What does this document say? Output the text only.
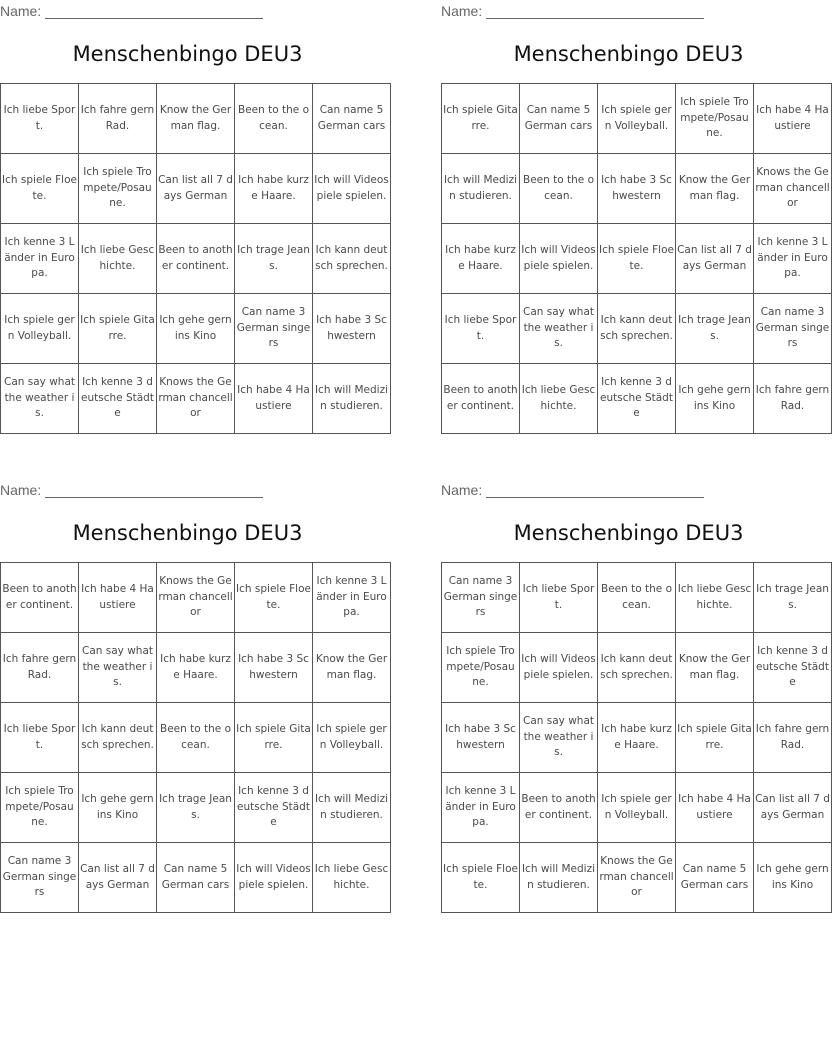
Name:
Menschenbingo DEU3
Ich liebe Sport.	Ich fahre gern Rad.	Know the German flag.	Been to the ocean.	Can name 5 German cars
Ich spiele Floete.	Ich spiele Trompete/Posaune.	Can list all 7 days German	Ich habe kurze Haare.	Ich will Videospiele spielen.
Ich kenne 3 Länder in Europa.	Ich liebe Geschichte.	Been to another continent.	Ich trage Jeans.	Ich kann deutsch sprechen.
Ich spiele gern Volleyball.	Ich spiele Gitarre.	Ich gehe gern ins Kino	Can name 3 German singers	Ich habe 3 Schwestern
Can say what the weather is.	Ich kenne 3 deutsche Städte	Knows the German chancellor	Ich habe 4 Haustiere	Ich will Medizin studieren.
Name:
Menschenbingo DEU3
Ich spiele Gitarre.	Can name 5 German cars	Ich spiele gern Volleyball.	Ich spiele Trompete/Posaune.	Ich habe 4 Haustiere
Ich will Medizin studieren.	Been to the ocean.	Ich habe 3 Schwestern	Know the German flag.	Knows the German chancellor
Ich habe kurze Haare.	Ich will Videospiele spielen.	Ich spiele Floete.	Can list all 7 days German	Ich kenne 3 Länder in Europa.
Ich liebe Sport.	Can say what the weather is.	Ich kann deutsch sprechen.	Ich trage Jeans.	Can name 3 German singers
Been to another continent.	Ich liebe Geschichte.	Ich kenne 3 deutsche Städte	Ich gehe gern ins Kino	Ich fahre gern Rad.
Name:
Menschenbingo DEU3
Been to another continent.	Ich habe 4 Haustiere	Knows the German chancellor	Ich spiele Floete.	Ich kenne 3 Länder in Europa.
Ich fahre gern Rad.	Can say what the weather is.	Ich habe kurze Haare.	Ich habe 3 Schwestern	Know the German flag.
Ich liebe Sport.	Ich kann deutsch sprechen.	Been to the ocean.	Ich spiele Gitarre.	Ich spiele gern Volleyball.
Ich spiele Trompete/Posaune.	Ich gehe gern ins Kino	Ich trage Jeans.	Ich kenne 3 deutsche Städte	Ich will Medizin studieren.
Can name 3 German singers	Can list all 7 days German	Can name 5 German cars	Ich will Videospiele spielen.	Ich liebe Geschichte.
Name:
Menschenbingo DEU3
Can name 3 German singers	Ich liebe Sport.	Been to the ocean.	Ich liebe Geschichte.	Ich trage Jeans.
Ich spiele Trompete/Posaune.	Ich will Videospiele spielen.	Ich kann deutsch sprechen.	Know the German flag.	Ich kenne 3 deutsche Städte
Ich habe 3 Schwestern	Can say what the weather is.	Ich habe kurze Haare.	Ich spiele Gitarre.	Ich fahre gern Rad.
Ich kenne 3 Länder in Europa.	Been to another continent.	Ich spiele gern Volleyball.	Ich habe 4 Haustiere	Can list all 7 days German
Ich spiele Floete.	Ich will Medizin studieren.	Knows the German chancellor	Can name 5 German cars	Ich gehe gern ins Kino
